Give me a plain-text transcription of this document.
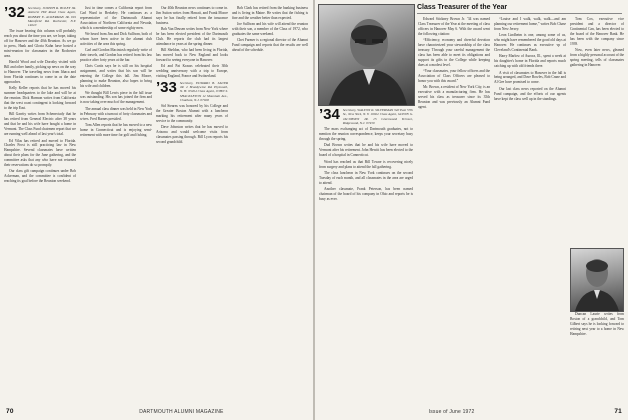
’32 Secretary, JOSEPH R. BOLEY JR. Amherst Hill Road Class Agent, ROBERT E. ACKERMAN JR. 919 Mansfield Rd. Rochester, N.Y. 14610

The issue bearing this column will probably reach you about the time you are, we hope, taking off for Hanover and the 40th Reunion. As we go to press, Hank and Gloria Kuhn have hosted a mini-reunion for classmates in the Rochester area.

Harold Wood and wife Dorothy visited with Bill and other family, picking up news on the way to Hanover. The traveling news from Ithaca and from Florida continues to come in as the date approaches.

Kelly Keller reports that he has moved his summer headquarters to the lake and will be at the reunion. Dick Harmon writes from California that the west coast contingent is looking forward to the trip East.

Bill Garrity writes from Schenectady that he has retired from General Electric after 38 years and that he and his wife have bought a home in Vermont. The Class Fund chairmen report that we are running well ahead of last year's total.

Ed Vilas has retired and moved to Florida. Charles Frost is still practicing law in New Hampshire. Several classmates have written about their plans for the June gathering, and the committee asks that any who have not returned their reservations do so promptly.

Our class gift campaign continues under Bob Ackerman, and the committee is confident of reaching its goal before the Reunion weekend.

Just in time comes a California report from Carl Ward in Berkeley. He continues as a representative of the Dartmouth Alumni Association of Northern California and Nevada, which is a membership of some eighty men.

We heard from Jim and Dick Sullivan, both of whom have been active in the alumni club activities of the area this spring.

Carl and Gordon Macintosh regularly write of their travels, and Gordon has retired from his law practice after forty years at the bar.

Chris Curtis says he is still on his hospital assignment, and writes that his son will be entering the College this fall. Jim Moore, planning to make Reunion, also hopes to bring his wife and children.

We thought Bill Lewis piece in the fall issue was outstanding. His son has joined the firm and is now taking over much of the management.

The annual class dinner was held in New York in February with a turnout of forty classmates and wives. Fred Barnes presided.

Tom Allen reports that he has moved to a new home in Connecticut and is enjoying semi-retirement with more time for golf and fishing.

Our 40th Reunion news continues to come in. Jim Sutton writes from Hawaii, and Frank Moore says he has finally retired from the insurance business.

Bob Van Deusen writes from New York where he has been elected president of the Dartmouth Club. He reports the club had its largest attendance in years at the spring dinner.

Bill Sheldon, who had been living in Florida, has moved back to New England and looks forward to seeing everyone in Hanover.

Ed and Pat Krauss celebrated their 30th wedding anniversary with a trip to Europe, visiting England, France and Switzerland.

’33 Secretary, EDWARD B. SAUER JR. 2 Brandywine Rd. Plymouth, N. H. 03264 Class Agent, JOHN S. SHACKLETON 12 Mountain Ave., Chatham, N.J. 07928

Sid Stearns was honored by his College and the Greater Boston Alumni with a luncheon marking his retirement after many years of service to the community.

Dave Johnston writes that he has moved to Arizona and would welcome visits from classmates passing through. Bill Lyon reports his second grandchild.

Bob Clark has retired from the banking business and is living in Maine. He writes that the fishing is fine and the weather better than expected.

Joe Sullivan and his wife will attend the reunion with their son, a member of the Class of 1972, who graduates the same weekend.

Chet Farmer is a regional director of the Alumni Fund campaign and reports that the results are well ahead of the schedule.

70	DARTMOUTH ALUMNI MAGAZINE
Class Treasurer of the Year
’34 Secretary, WALTON K. SILVERMAN 340 East 57th St., New York, N. Y. 10022 Class Agent, GLENN G. JACOBSEN JR. 15 Greenwood Terrace, Ridgewood, N.J. 07450

The mass exchanging act of Dartmouth graduates, not to mention the reunion correspondence, keeps your secretary busy through the spring.

Dud Brown writes that he and his wife have moved to Vermont after his retirement. John Hewitt has been elected to the board of a hospital in Connecticut.

Word has reached us that Bill Towne is recovering nicely from surgery and plans to attend the fall gathering.

The class luncheon in New York continues on the second Tuesday of each month, and all classmates in the area are urged to attend.

Another classmate, Frank Peterson, has been named chairman of the board of his company in Ohio and reports he is busy as ever.

Edward Stickney Brown Jr. ’34 was named Class Treasurer of the Year at the meeting of class officers in Hanover May 6. With the award went the following citation:

“Efficiency, economy and cheerful devotion have characterized your stewardship of the class treasury. Through your careful management the class has been able to meet its obligations and support its gifts to the College while keeping dues at a modest level.

“Your classmates, your fellow officers and the Association of Class Officers are pleased to honor you with this award.”

Mr. Brown, a resident of New York City, is an executive with a manufacturing firm. He has served his class as treasurer since its 35th Reunion and was previously an Alumni Fund agent.

“Louise and I walk, walk, walk—and am planning our retirement home,” writes Bob Chase from New Jersey.

Leon Lindheim is one, among some of us, who might have remembered the good old days at Hanover. He continues as executive vp of Cleveland's Continental Bank.

Harry Marlow of Aurora, Ill., spent a week at his daughter's home in Florida and reports much catching up with old friends there.

A visit of classmates to Hanover in the fall is being arranged, and Dave Bowles, Bob Crane and Al Gee have promised to come.

Our last class news reported on the Alumni Fund campaign, and the efforts of our agents have kept the class well up in the standings.

Tom Cox, executive vice president and a director of Continental Can, has been elected to the board of the Hanover Bank. He has been with the company since 1939.

Now, even later news, gleaned from a highly personal account of the spring meeting, tells of classmates gathering in Hanover.

Duncan Laurie writes from Boston of a grandchild, and Tom Gilbert says he is looking forward to retiring next year to a home in New Hampshire.

Issue of June 1972	71
